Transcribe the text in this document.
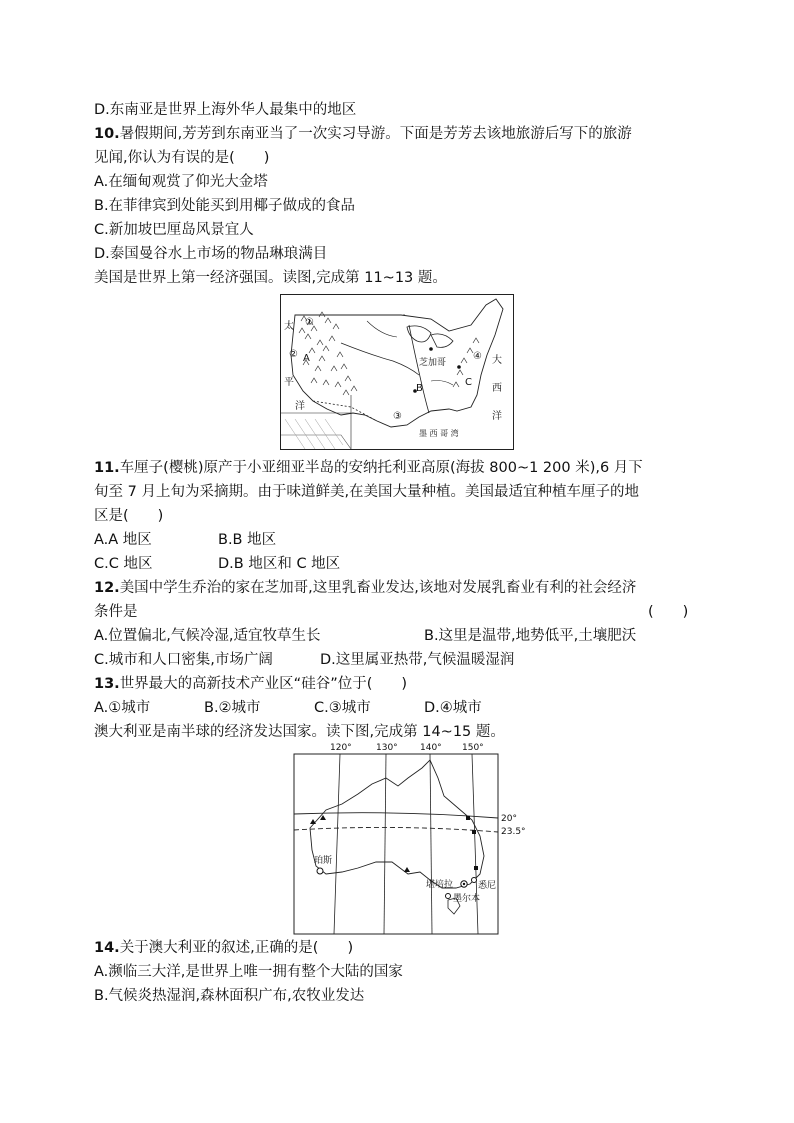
D.东南亚是世界上海外华人最集中的地区
10.暑假期间,芳芳到东南亚当了一次实习导游。下面是芳芳去该地旅游后写下的旅游
见闻,你认为有误的是(　　)
A.在缅甸观赏了仰光大金塔
B.在菲律宾到处能买到用椰子做成的食品
C.新加坡巴厘岛风景宜人
D.泰国曼谷水上市场的物品琳琅满目
美国是世界上第一经济强国。读图,完成第 11~13 题。
太
平
洋
大
西
洋
芝加哥
墨 西 哥 湾
A
B
C
①
②
③
④
11.车厘子(樱桃)原产于小亚细亚半岛的安纳托利亚高原(海拔 800~1 200 米),6 月下
旬至 7 月上旬为采摘期。由于味道鲜美,在美国大量种植。美国最适宜种植车厘子的地
区是(　　)
A.A 地区	B.B 地区
C.C 地区	D.B 地区和 C 地区
12.美国中学生乔治的家在芝加哥,这里乳畜业发达,该地对发展乳畜业有利的社会经济
条件是	(　　)
A.位置偏北,气候冷湿,适宜牧草生长	B.这里是温带,地势低平,土壤肥沃
C.城市和人口密集,市场广阔	D.这里属亚热带,气候温暖湿润
13.世界最大的高新技术产业区“硅谷”位于(　　)
A.①城市	B.②城市	C.③城市	D.④城市
澳大利亚是南半球的经济发达国家。读下图,完成第 14~15 题。
120°	130° 140° 150°
20°
23.5°
珀斯
堪培拉	悉尼
墨尔本
14.关于澳大利亚的叙述,正确的是(　　)
A.濒临三大洋,是世界上唯一拥有整个大陆的国家
B.气候炎热湿润,森林面积广布,农牧业发达
